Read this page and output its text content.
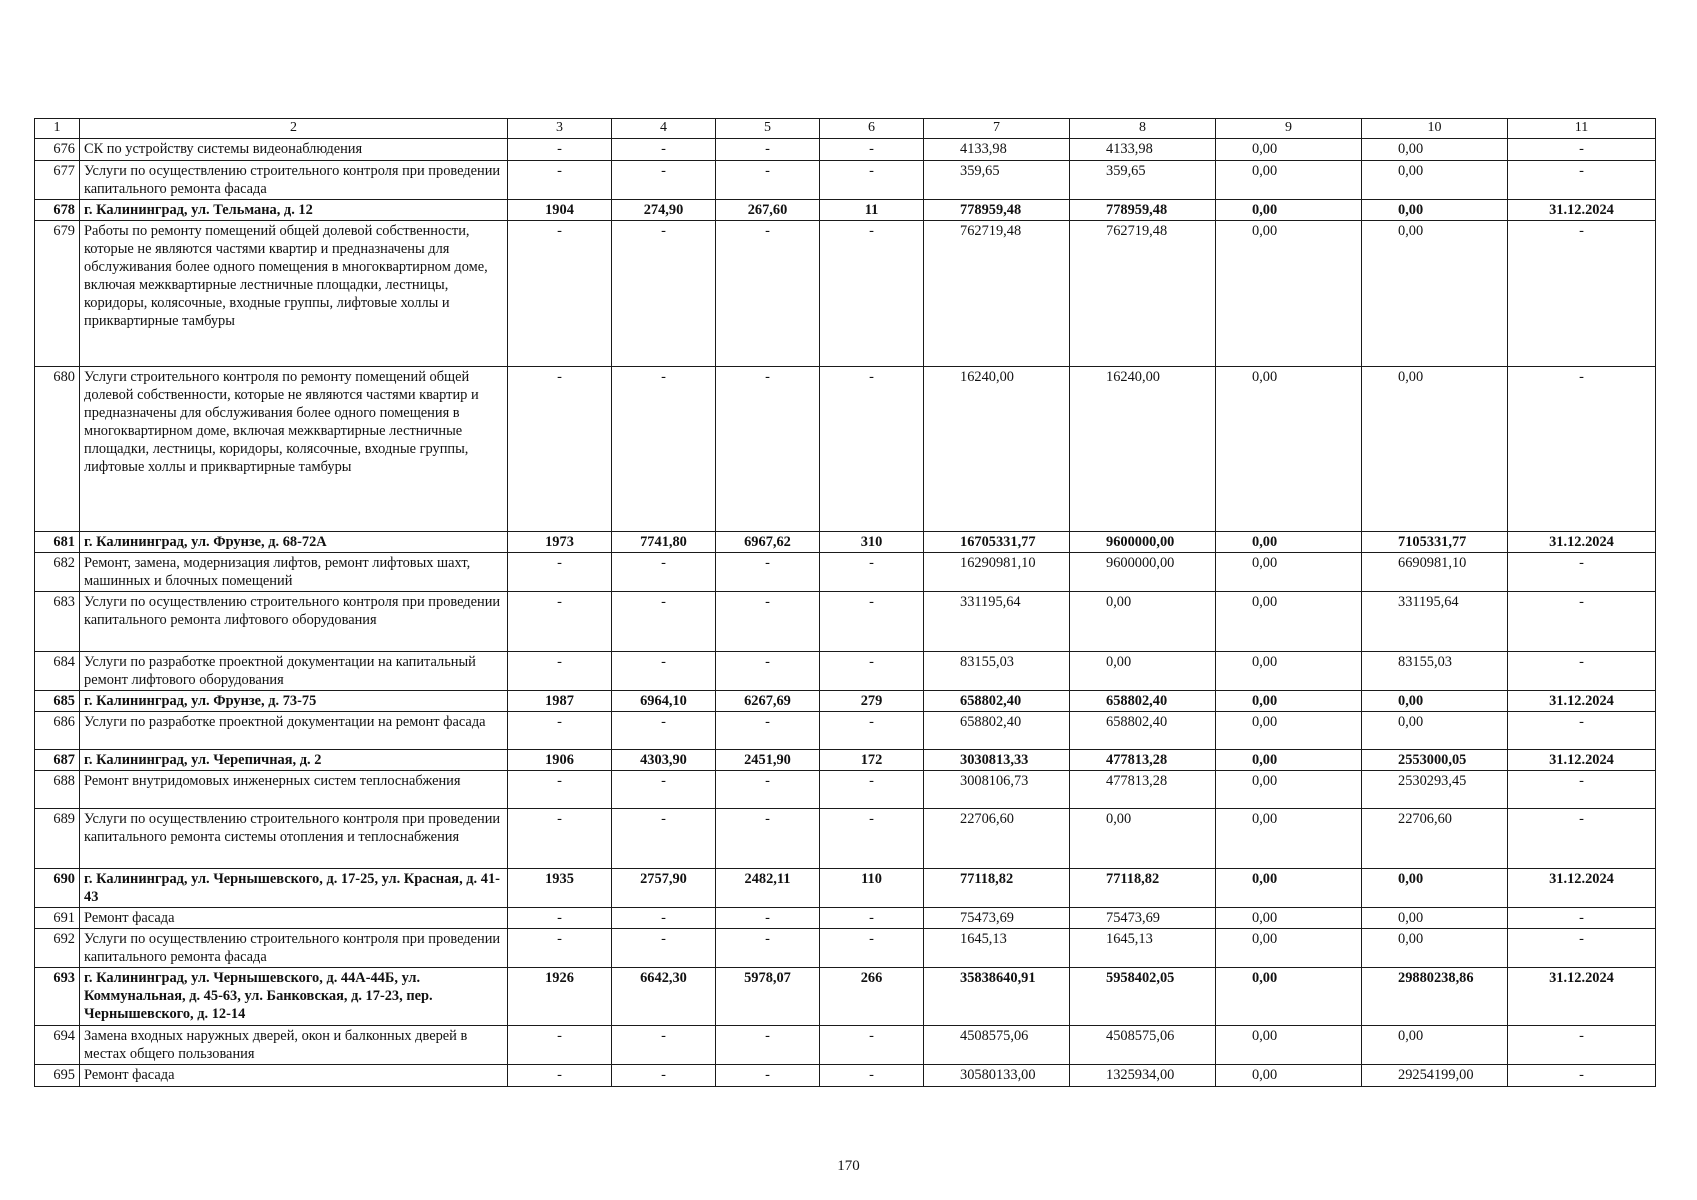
1	2	3	4	5	6	7	8	9	10	11
676	СК по устройству системы видеонаблюдения	-	-	-	-	4133,98	4133,98	0,00	0,00	-
677	Услуги по осуществлению строительного контроля при проведении капитального ремонта фасада	-	-	-	-	359,65	359,65	0,00	0,00	-
678	г. Калининград, ул. Тельмана, д. 12	1904	274,90	267,60	11	778959,48	778959,48	0,00	0,00	31.12.2024
679	Работы по ремонту помещений общей долевой собственности, которые не являются частями квартир и предназначены для обслуживания более одного помещения в многоквартирном доме, включая межквартирные лестничные площадки, лестницы, коридоры, колясочные, входные группы, лифтовые холлы и приквартирные тамбуры	-	-	-	-	762719,48	762719,48	0,00	0,00	-
680	Услуги строительного контроля по ремонту помещений общей долевой собственности, которые не являются частями квартир и предназначены для обслуживания более одного помещения в многоквартирном доме, включая межквартирные лестничные площадки, лестницы, коридоры, колясочные, входные группы, лифтовые холлы и приквартирные тамбуры	-	-	-	-	16240,00	16240,00	0,00	0,00	-
681	г. Калининград, ул. Фрунзе, д. 68-72А	1973	7741,80	6967,62	310	16705331,77	9600000,00	0,00	7105331,77	31.12.2024
682	Ремонт, замена, модернизация лифтов, ремонт лифтовых шахт, машинных и блочных помещений	-	-	-	-	16290981,10	9600000,00	0,00	6690981,10	-
683	Услуги по осуществлению строительного контроля при проведении капитального ремонта лифтового оборудования	-	-	-	-	331195,64	0,00	0,00	331195,64	-
684	Услуги по разработке проектной документации на капитальный ремонт лифтового оборудования	-	-	-	-	83155,03	0,00	0,00	83155,03	-
685	г. Калининград, ул. Фрунзе, д. 73-75	1987	6964,10	6267,69	279	658802,40	658802,40	0,00	0,00	31.12.2024
686	Услуги по разработке проектной документации на ремонт фасада	-	-	-	-	658802,40	658802,40	0,00	0,00	-
687	г. Калининград, ул. Черепичная, д. 2	1906	4303,90	2451,90	172	3030813,33	477813,28	0,00	2553000,05	31.12.2024
688	Ремонт внутридомовых инженерных систем теплоснабжения	-	-	-	-	3008106,73	477813,28	0,00	2530293,45	-
689	Услуги по осуществлению строительного контроля при проведении капитального ремонта системы отопления и теплоснабжения	-	-	-	-	22706,60	0,00	0,00	22706,60	-
690	г. Калининград, ул. Чернышевского, д. 17-25, ул. Красная, д. 41-43	1935	2757,90	2482,11	110	77118,82	77118,82	0,00	0,00	31.12.2024
691	Ремонт фасада	-	-	-	-	75473,69	75473,69	0,00	0,00	-
692	Услуги по осуществлению строительного контроля при проведении капитального ремонта фасада	-	-	-	-	1645,13	1645,13	0,00	0,00	-
693	г. Калининград, ул. Чернышевского, д. 44А-44Б, ул. Коммунальная, д. 45-63, ул. Банковская, д. 17-23, пер. Чернышевского, д. 12-14	1926	6642,30	5978,07	266	35838640,91	5958402,05	0,00	29880238,86	31.12.2024
694	Замена входных наружных дверей, окон и балконных дверей в местах общего пользования	-	-	-	-	4508575,06	4508575,06	0,00	0,00	-
695	Ремонт фасада	-	-	-	-	30580133,00	1325934,00	0,00	29254199,00	-
170
